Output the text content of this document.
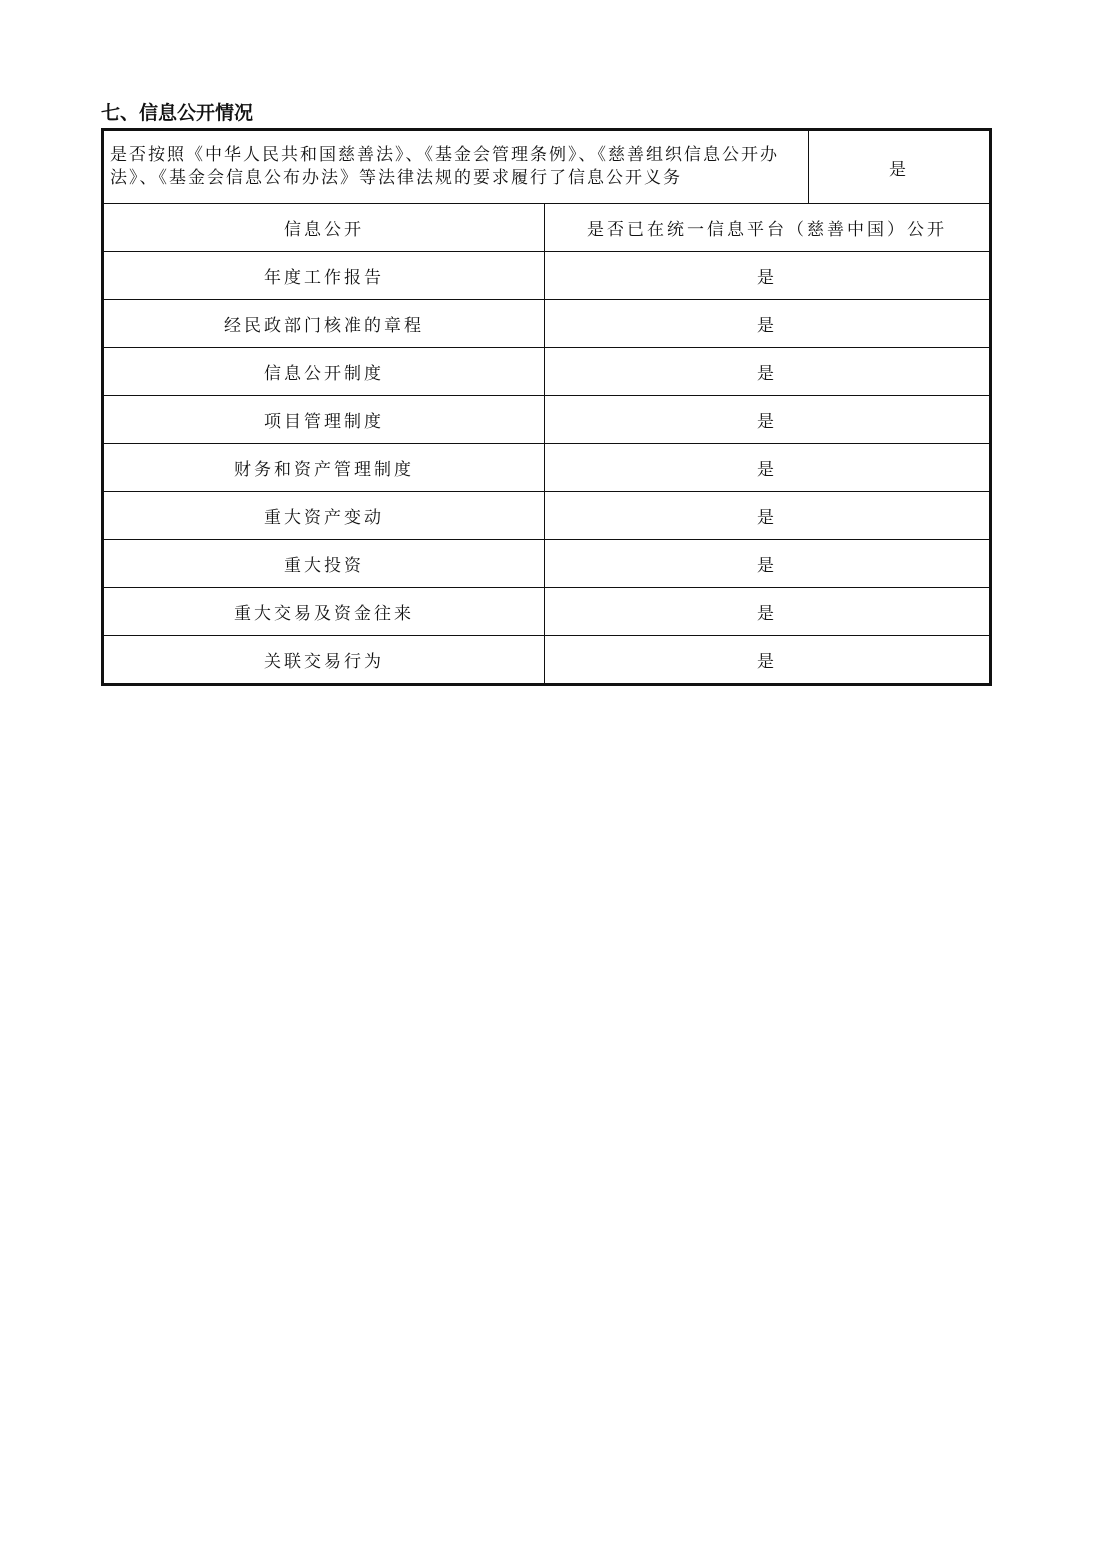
七、信息公开情况
是否按照《中华人民共和国慈善法》、《基金会管理条例》、《慈善组织信息公开办法》、《基金会信息公布办法》等法律法规的要求履行了信息公开义务		是
信息公开	是否已在统一信息平台（慈善中国）公开	
年度工作报告	是	
经民政部门核准的章程	是	
信息公开制度	是	
项目管理制度	是	
财务和资产管理制度	是	
重大资产变动	是	
重大投资	是	
重大交易及资金往来	是	
关联交易行为	是	
